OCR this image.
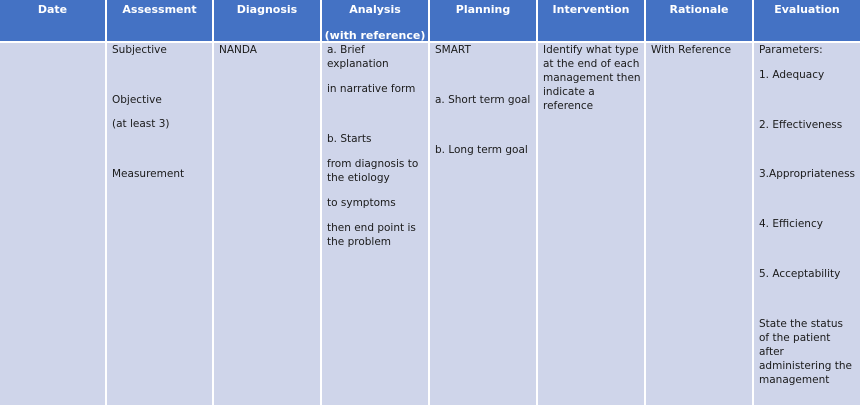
Date	Assessment
Subjective
Objective
(at least 3)
Measurement
Diagnosis
NANDA
Analysis
(with reference)
a. Brief
explanation
in narrative form
b. Starts
from diagnosis to
the etiology
to symptoms
then end point is
the problem
Planning
SMART
a. Short term goal
b. Long term goal
Intervention
Identify what type
at the end of each
management then
indicate a
reference
Rationale
With Reference
Evaluation
Parameters:
1. Adequacy
2. Effectiveness
3.Appropriateness
4. Efficiency
5. Acceptability
State the status
of the patient
after
administering the
management
